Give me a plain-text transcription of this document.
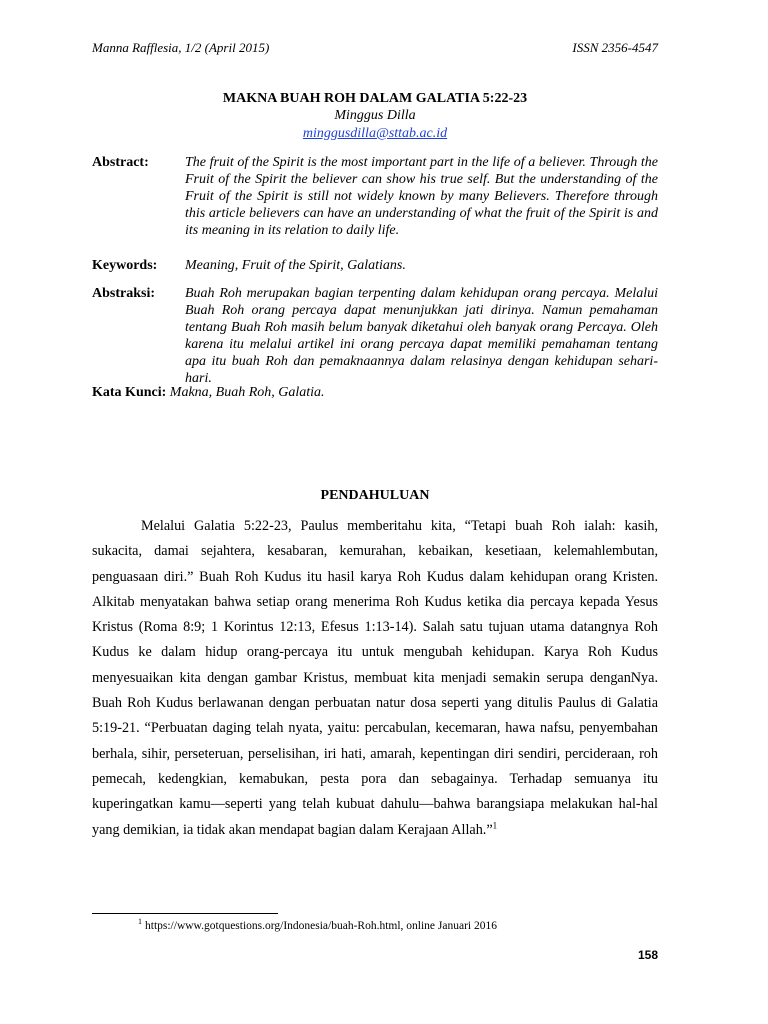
Manna Rafflesia, 1/2 (April 2015)	ISSN 2356-4547
MAKNA BUAH ROH DALAM GALATIA 5:22-23
Minggus Dilla
minggusdilla@sttab.ac.id
Abstract:	The fruit of the Spirit is the most important part in the life of a believer. Through the Fruit of the Spirit the believer can show his true self. But the understanding of the Fruit of the Spirit is still not widely known by many Believers. Therefore through this article believers can have an understanding of what the fruit of the Spirit is and its meaning in its relation to daily life.
Keywords: Meaning, Fruit of the Spirit, Galatians.
Abstraksi: Buah Roh merupakan bagian terpenting dalam kehidupan orang percaya. Melalui Buah Roh orang percaya dapat menunjukkan jati dirinya. Namun pemahaman tentang Buah Roh masih belum banyak diketahui oleh banyak orang Percaya. Oleh karena itu melalui artikel ini orang percaya dapat memiliki pemahaman tentang apa itu buah Roh dan pemaknaannya dalam relasinya dengan kehidupan sehari-hari.
Kata Kunci: Makna, Buah Roh, Galatia.
PENDAHULUAN

Melalui Galatia 5:22-23, Paulus memberitahu kita, “Tetapi buah Roh ialah: kasih, sukacita, damai sejahtera, kesabaran, kemurahan, kebaikan, kesetiaan, kelemahlembutan, penguasaan diri.” Buah Roh Kudus itu hasil karya Roh Kudus dalam kehidupan orang Kristen. Alkitab menyatakan bahwa setiap orang menerima Roh Kudus ketika dia percaya kepada Yesus Kristus (Roma 8:9; 1 Korintus 12:13, Efesus 1:13-14). Salah satu tujuan utama datangnya Roh Kudus ke dalam hidup orang-percaya itu untuk mengubah kehidupan. Karya Roh Kudus menyesuaikan kita dengan gambar Kristus, membuat kita menjadi semakin serupa denganNya. Buah Roh Kudus berlawanan dengan perbuatan natur dosa seperti yang ditulis Paulus di Galatia 5:19-21. “Perbuatan daging telah nyata, yaitu: percabulan, kecemaran, hawa nafsu, penyembahan berhala, sihir, perseteruan, perselisihan, iri hati, amarah, kepentingan diri sendiri, percideraan, roh pemecah, kedengkian, kemabukan, pesta pora dan sebagainya. Terhadap semuanya itu kuperingatkan kamu—seperti yang telah kubuat dahulu—bahwa barangsiapa melakukan hal-hal yang demikian, ia tidak akan mendapat bagian dalam Kerajaan Allah.”$^1$

$^1$ https://www.gotquestions.org/Indonesia/buah-Roh.html, online Januari 2016
158
